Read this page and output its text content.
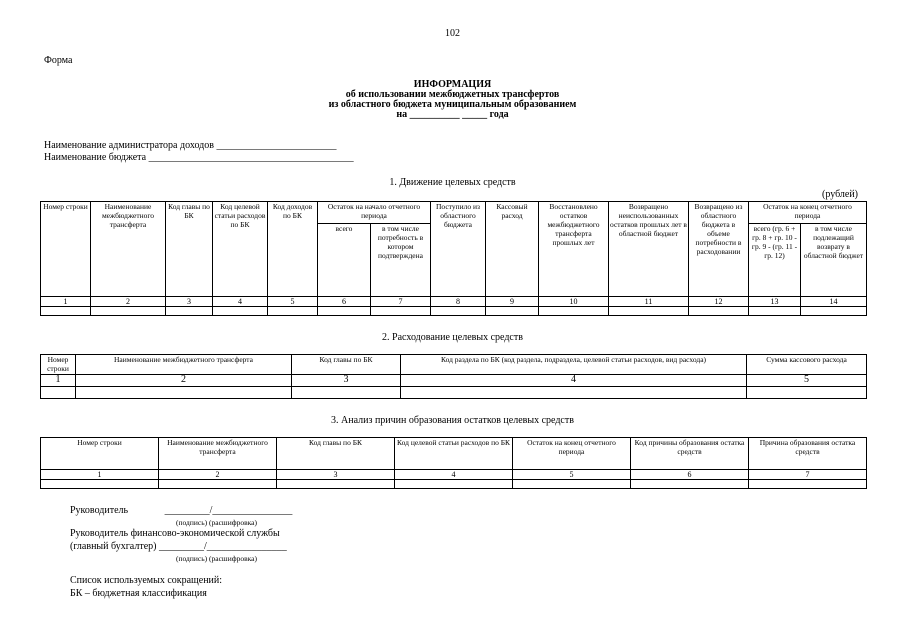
102
Форма
ИНФОРМАЦИЯ
об использовании межбюджетных трансфертов
из областного бюджета муниципальным образованием
на __________ _____ года
Наименование администратора доходов ________________________
Наименование бюджета _________________________________________
1. Движение целевых средств
(рублей)
Номер строки	Наименование межбюджетного трансферта	Код главы по БК	Код целевой статьи расходов по БК	Код доходов по БК	Остаток на начало отчетного периода		Поступило из областного бюджета	Кассовый расход	Восстановлено остатков межбюджетного трансферта прошлых лет	Возвращено неиспользованных остатков прошлых лет в областной бюджет	Возвращено из областного бюджета в объеме потребности в расходовании	Остаток на конец отчетного периода	
					всего	в том числе потребность в котором подтверждена						всего (гр. 6 + гр. 8 + гр. 10 - гр. 9 - (гр. 11 - гр. 12)	в том числе подлежащий возврату в областной бюджет
1	2	3	4	5	6	7	8	9	10	11	12	13	14

2. Расходование целевых средств
Номер строки	Наименование межбюджетного трансферта	Код главы по БК	Код раздела по БК (код раздела, подраздела, целевой статьи расходов, вид расхода)	Сумма кассового расхода
1	2	3	4	5

3. Анализ причин образования остатков целевых средств
Номер строки	Наименование межбюджетного трансферта	Код главы по БК	Код целевой статьи расходов по БК	Остаток на конец отчетного периода	Код причины образования остатка средств	Причина образования остатка средств
1	2	3	4	5	6	7

Руководитель	_________/________________
(подпись) (расшифровка)
Руководитель финансово-экономической службы
(главный бухгалтер) _________/________________
(подпись) (расшифровка)
Список используемых сокращений:
БК – бюджетная классификация
